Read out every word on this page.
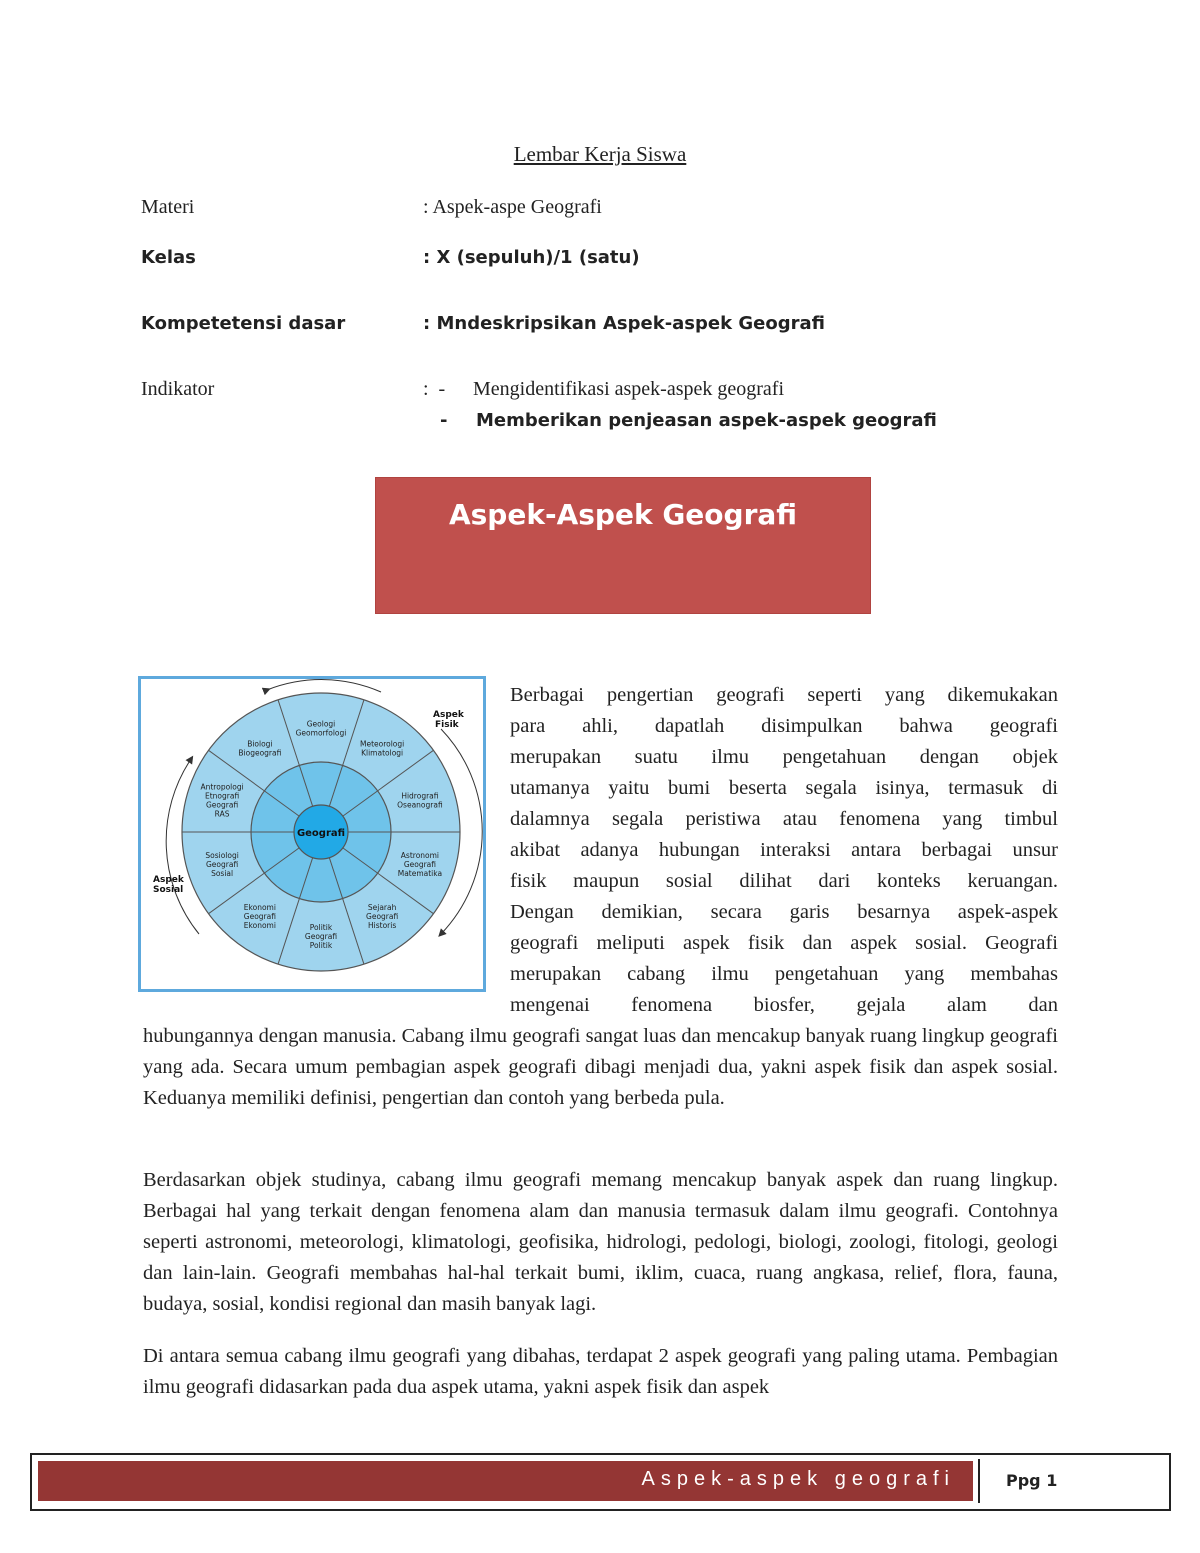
Lembar Kerja Siswa
Materi	: Aspek-aspe Geografi
Kelas	: X (sepuluh)/1 (satu)
Kompetetensi dasar	: Mndeskripsikan Aspek-aspek Geografi
Indikator	:  - Mengidentifikasi aspek-aspek geografi
- Memberikan penjeasan aspek-aspek geografi
Aspek-Aspek Geografi
Geologi Geomorfologi
Meteorologi Klimatologi
Hidrografi Oseanografi
Astronomi Geografi Matematika
Sejarah Geografi Historis
Politik Geografi Politik
Ekonomi Geografi Ekonomi
Sosiologi Geografi Sosial
Antropologi Etnografi Geografi RAS
Biologi Biogeografi
Geografi
Aspek
Fisik
Aspek
Sosial
Berbagai pengertian geografi seperti yang dikemukakan
para ahli, dapatlah disimpulkan bahwa geografi
merupakan suatu ilmu pengetahuan dengan objek
utamanya yaitu bumi beserta segala isinya, termasuk di
dalamnya segala peristiwa atau fenomena yang timbul
akibat adanya hubungan interaksi antara berbagai unsur
fisik maupun sosial dilihat dari konteks keruangan.
Dengan demikian, secara garis besarnya aspek-aspek
geografi meliputi aspek fisik dan aspek sosial. Geografi
merupakan cabang ilmu pengetahuan yang membahas
mengenai fenomena biosfer, gejala alam dan
hubungannya dengan manusia. Cabang ilmu geografi sangat luas dan mencakup banyak ruang lingkup geografi yang ada. Secara umum pembagian aspek geografi dibagi menjadi dua, yakni aspek fisik dan aspek sosial. Keduanya memiliki definisi, pengertian dan contoh yang berbeda pula.
Berdasarkan objek studinya, cabang ilmu geografi memang mencakup banyak aspek dan ruang lingkup. Berbagai hal yang terkait dengan fenomena alam dan manusia termasuk dalam ilmu geografi. Contohnya seperti astronomi, meteorologi, klimatologi, geofisika, hidrologi, pedologi, biologi, zoologi, fitologi, geologi dan lain-lain. Geografi membahas hal-hal terkait bumi, iklim, cuaca, ruang angkasa, relief, flora, fauna, budaya, sosial, kondisi regional dan masih banyak lagi.
Di antara semua cabang ilmu geografi yang dibahas, terdapat 2 aspek geografi yang paling utama. Pembagian ilmu geografi didasarkan pada dua aspek utama, yakni aspek fisik dan aspek
Aspek-aspek geografi	Ppg 1
